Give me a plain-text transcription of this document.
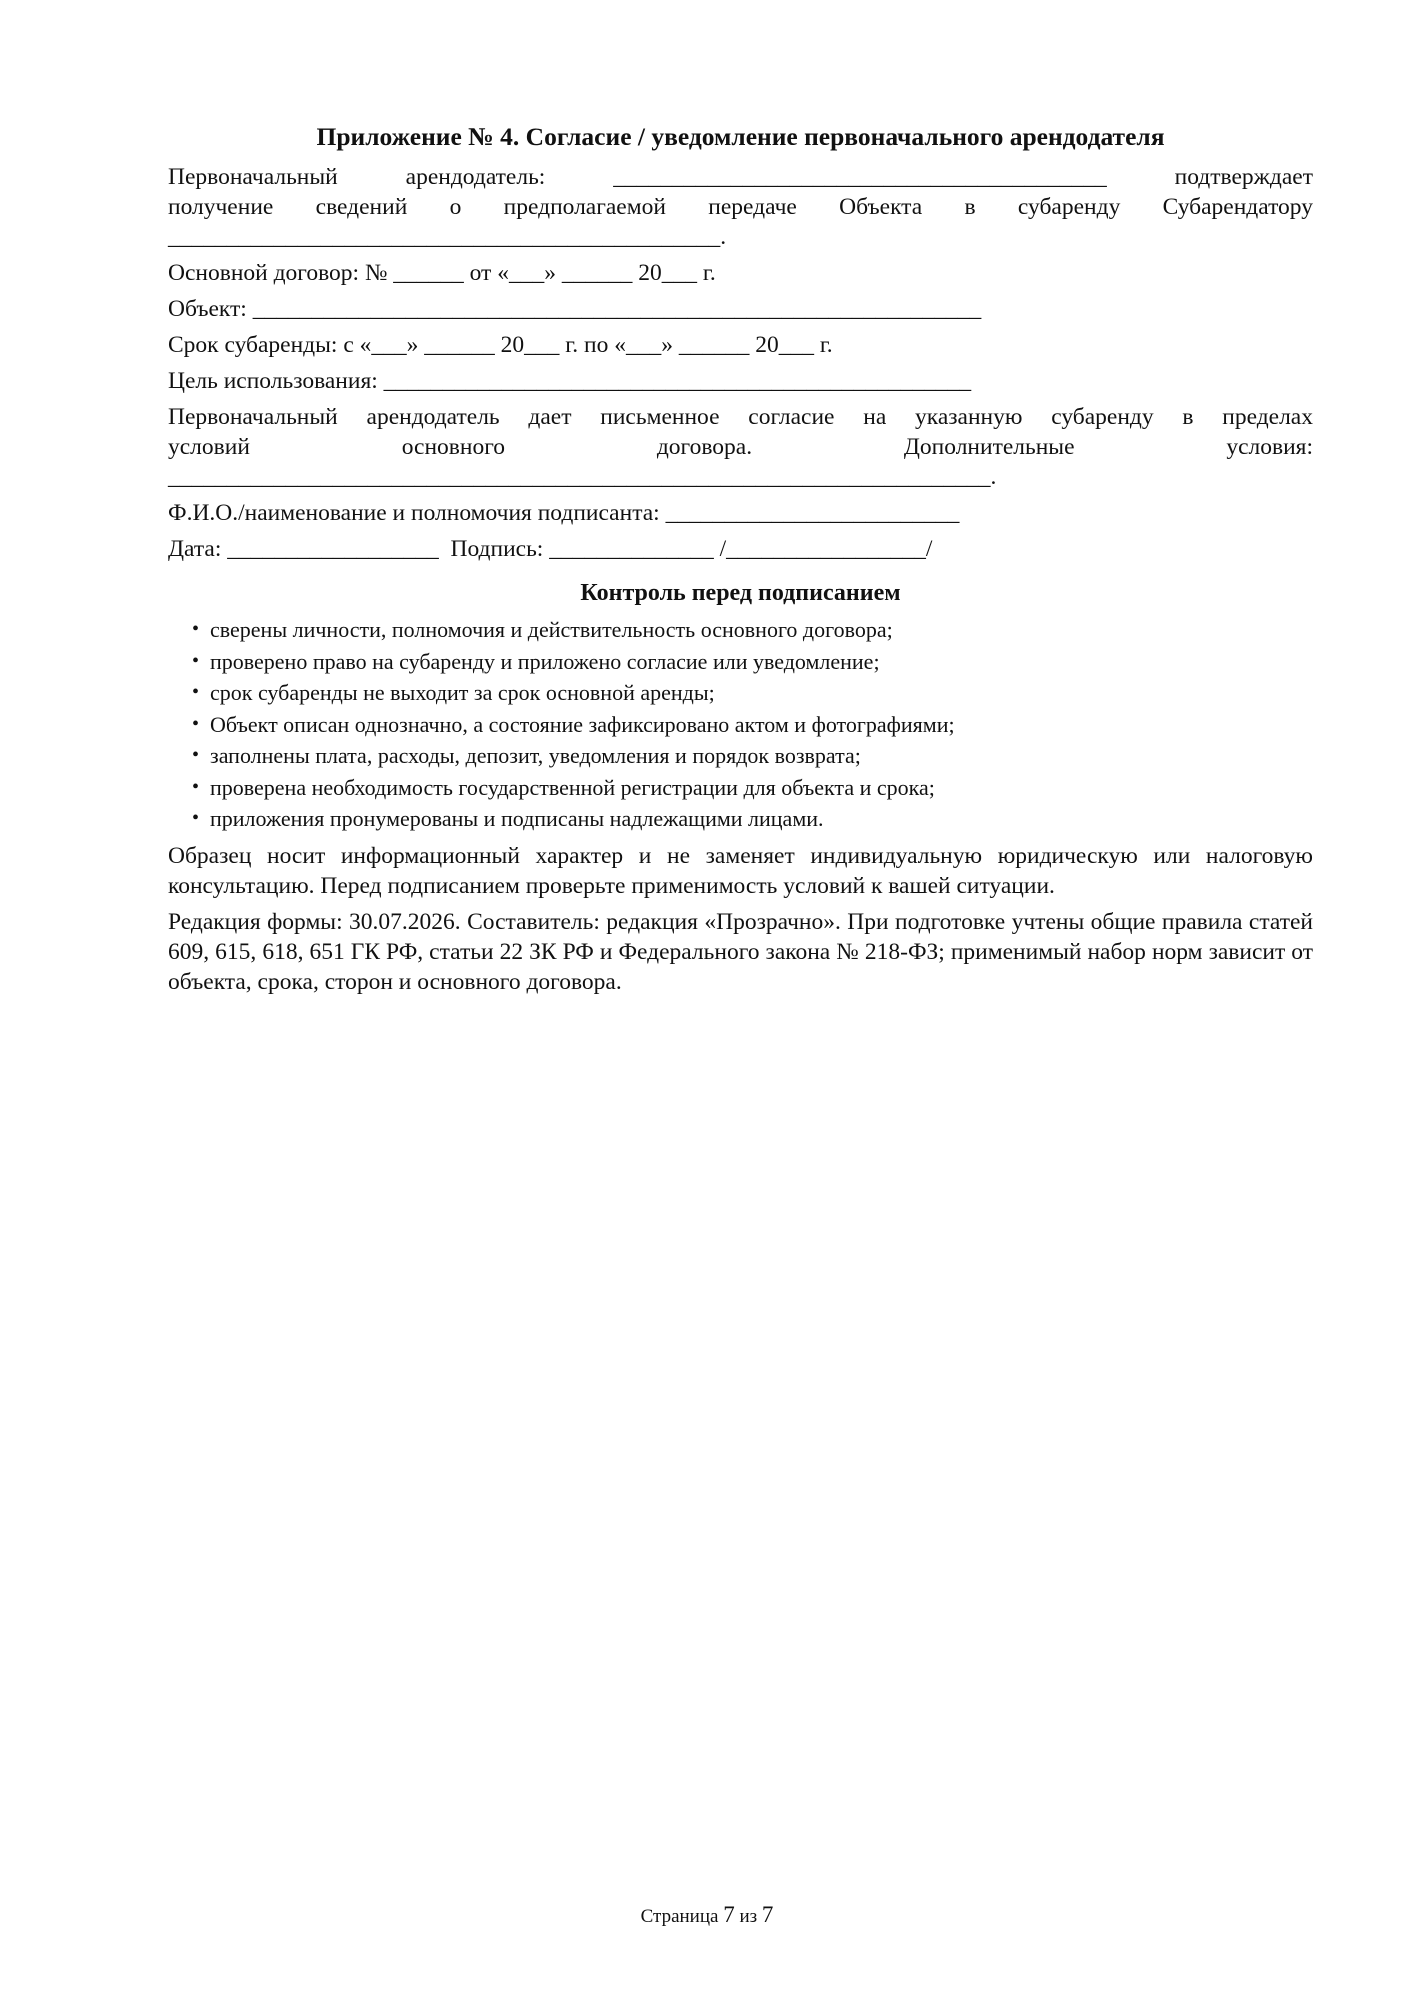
Приложение № 4. Согласие / уведомление первоначального арендодателя

Первоначальный арендодатель: __________________________________________ подтверждает

получение сведений о предполагаемой передаче Объекта в субаренду Субарендатору

_______________________________________________.

Основной договор: № ______ от «___» ______ 20___ г.

Объект: ______________________________________________________________

Срок субаренды: с «___» ______ 20___ г. по «___» ______ 20___ г.

Цель использования: __________________________________________________

Первоначальный арендодатель дает письменное согласие на указанную субаренду в пределах

условий основного договора. Дополнительные условия:

______________________________________________________________________.

Ф.И.О./наименование и полномочия подписанта: _________________________

Дата: __________________  Подпись: ______________ /_________________/

Контроль перед подписанием
• сверены личности, полномочия и действительность основного договора;
• проверено право на субаренду и приложено согласие или уведомление;
• срок субаренды не выходит за срок основной аренды;
• Объект описан однозначно, а состояние зафиксировано актом и фотографиями;
• заполнены плата, расходы, депозит, уведомления и порядок возврата;
• проверена необходимость государственной регистрации для объекта и срока;
• приложения пронумерованы и подписаны надлежащими лицами.

Образец носит информационный характер и не заменяет индивидуальную юридическую или налоговую консультацию. Перед подписанием проверьте применимость условий к вашей ситуации.

Редакция формы: 30.07.2026. Составитель: редакция «Прозрачно». При подготовке учтены общие правила статей 609, 615, 618, 651 ГК РФ, статьи 22 ЗК РФ и Федерального закона № 218-ФЗ; применимый набор норм зависит от объекта, срока, сторон и основного договора.

Страница 7 из 7
